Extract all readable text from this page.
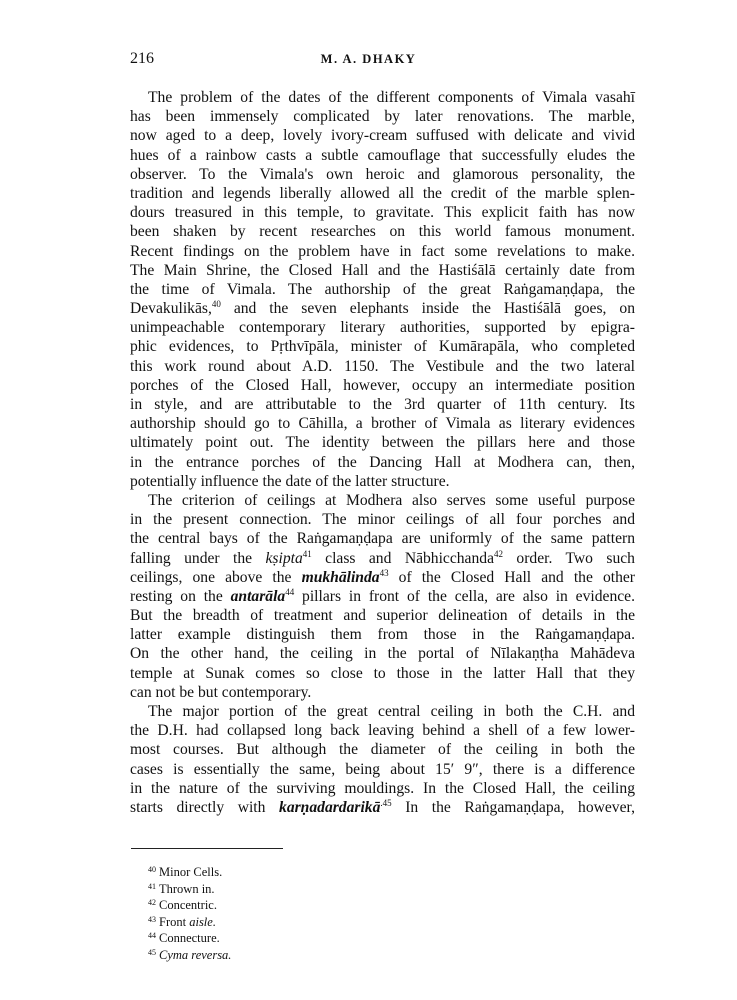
216	M. A. DHAKY
The problem of the dates of the different components of Vimala vasahī
has been immensely complicated by later renovations. The marble,
now aged to a deep, lovely ivory-cream suffused with delicate and vivid
hues of a rainbow casts a subtle camouflage that successfully eludes the
observer. To the Vimala's own heroic and glamorous personality, the
tradition and legends liberally allowed all the credit of the marble splen-
dours treasured in this temple, to gravitate. This explicit faith has now
been shaken by recent researches on this world famous monument.
Recent findings on the problem have in fact some revelations to make.
The Main Shrine, the Closed Hall and the Hastiśālā certainly date from
the time of Vimala. The authorship of the great Raṅgamaṇḍapa, the
Devakulikās,$^{40}$ and the seven elephants inside the Hastiśālā goes, on
unimpeachable contemporary literary authorities, supported by epigra-
phic evidences, to Pṛthvīpāla, minister of Kumārapāla, who completed
this work round about A.D. 1150. The Vestibule and the two lateral
porches of the Closed Hall, however, occupy an intermediate position
in style, and are attributable to the 3rd quarter of 11th century. Its
authorship should go to Cāhilla, a brother of Vimala as literary evidences
ultimately point out. The identity between the pillars here and those
in the entrance porches of the Dancing Hall at Modhera can, then,
potentially influence the date of the latter structure.
The criterion of ceilings at Modhera also serves some useful purpose
in the present connection. The minor ceilings of all four porches and
the central bays of the Raṅgamaṇḍapa are uniformly of the same pattern
falling under the kṣipta$^{41}$ class and Nābhicchanda$^{42}$ order. Two such
ceilings, one above the mukhālinda$^{43}$ of the Closed Hall and the other
resting on the antarāla$^{44}$ pillars in front of the cella, are also in evidence.
But the breadth of treatment and superior delineation of details in the
latter example distinguish them from those in the Raṅgamaṇḍapa.
On the other hand, the ceiling in the portal of Nīlakaṇṭha Mahādeva
temple at Sunak comes so close to those in the latter Hall that they
can not be but contemporary.
The major portion of the great central ceiling in both the C.H. and
the D.H. had collapsed long back leaving behind a shell of a few lower-
most courses. But although the diameter of the ceiling in both the
cases is essentially the same, being about 15′ 9″, there is a difference
in the nature of the surviving mouldings. In the Closed Hall, the ceiling
starts directly with karṇadardarikā$^{.45}$ In the Raṅgamaṇḍapa, however,
$^{40}$ Minor Cells.
$^{41}$ Thrown in.
$^{42}$ Concentric.
$^{43}$ Front aisle.
$^{44}$ Connecture.
$^{45}$ Cyma reversa.
